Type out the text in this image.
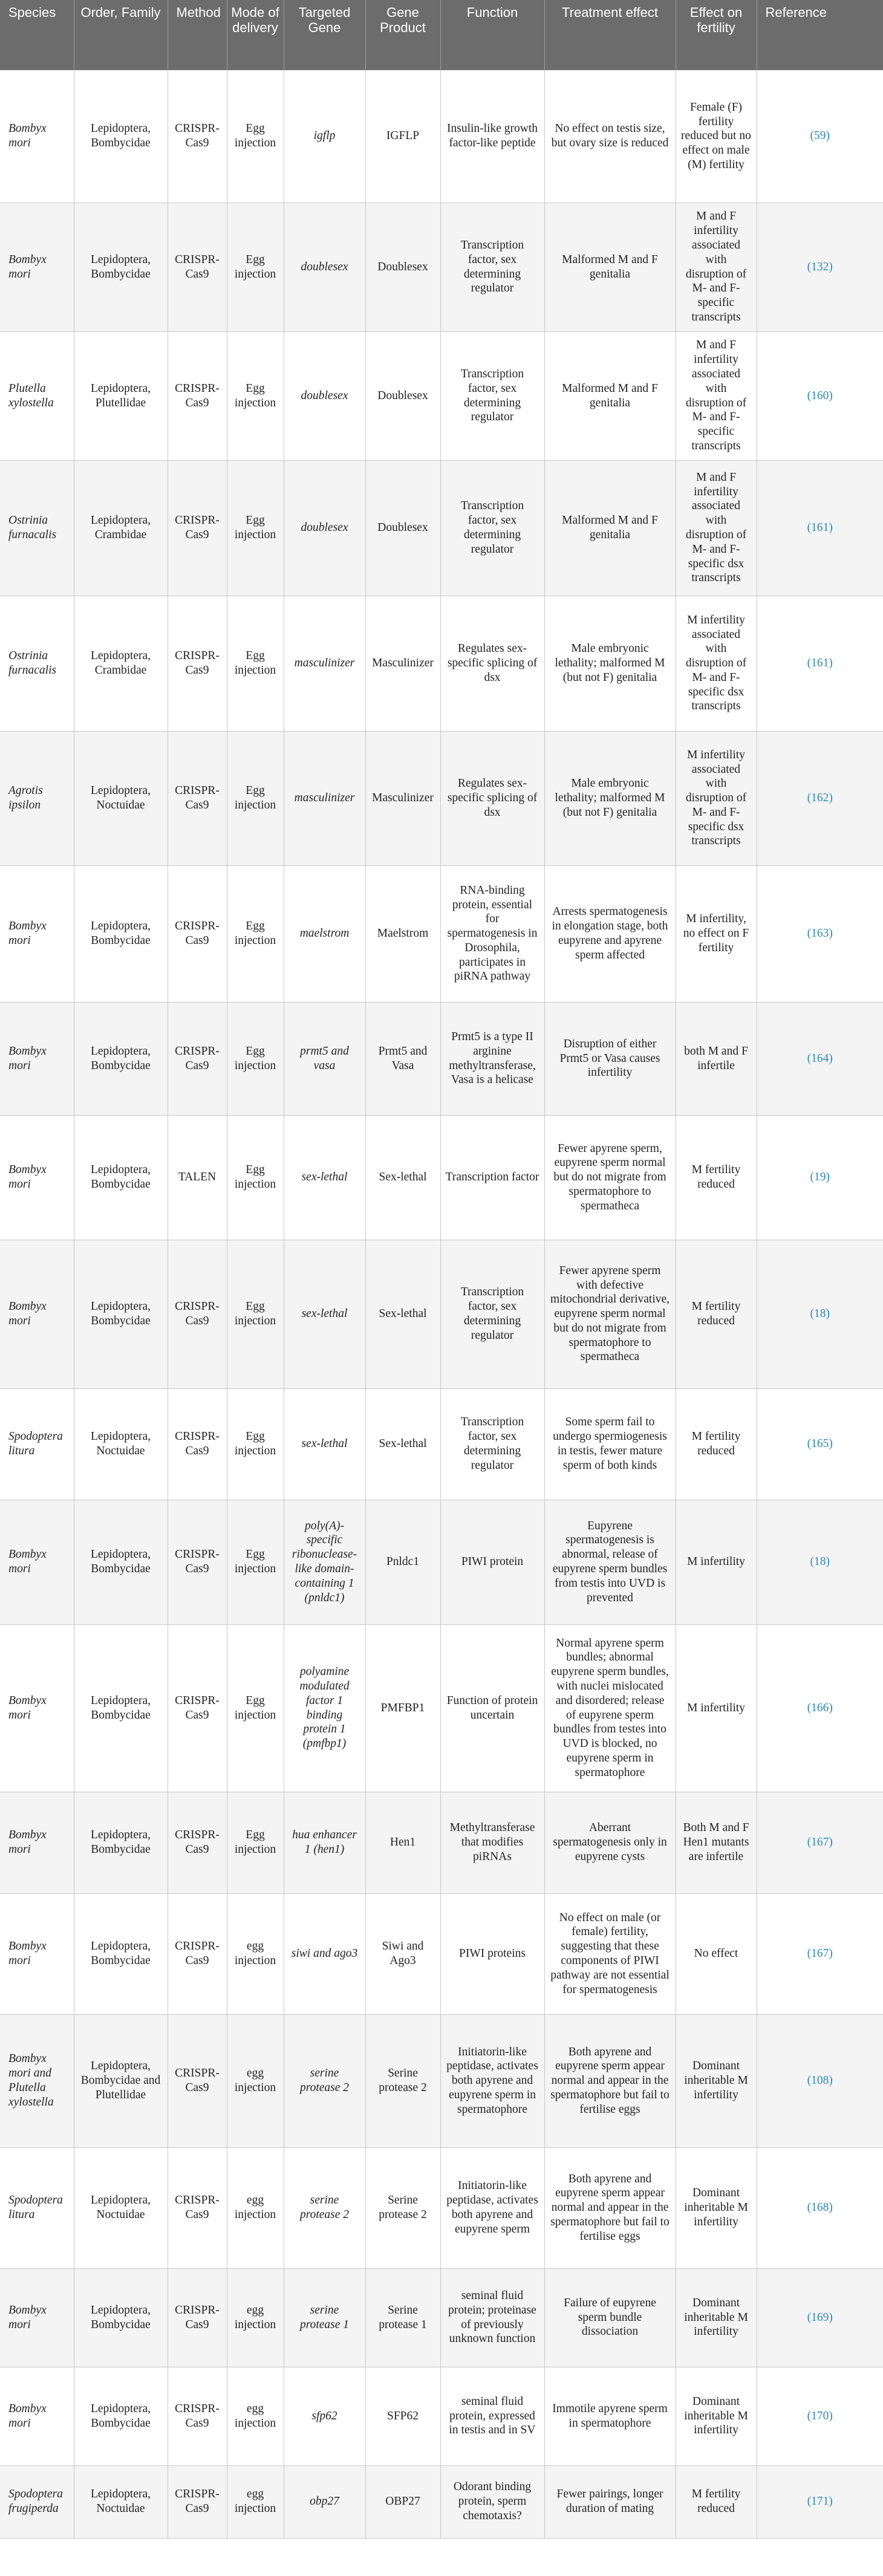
Species	Order, Family	Method	Mode of delivery	Targeted Gene	Gene Product	Function	Treatment effect	Effect on fertility	Reference
Bombyx mori	Lepidoptera, Bombycidae	CRISPR-Cas9	Egg injection	igflp	IGFLP	Insulin-like growth factor-like peptide	No effect on testis size, but ovary size is reduced	Female (F) fertility reduced but no effect on male (M) fertility	(59)
Bombyx mori	Lepidoptera, Bombycidae	CRISPR-Cas9	Egg injection	doublesex	Doublesex	Transcription factor, sex determining regulator	Malformed M and F genitalia	M and F infertility associated with disruption of M- and F-specific transcripts	(132)
Plutella xylostella	Lepidoptera, Plutellidae	CRISPR-Cas9	Egg injection	doublesex	Doublesex	Transcription factor, sex determining regulator	Malformed M and F genitalia	M and F infertility associated with disruption of M- and F-specific transcripts	(160)
Ostrinia furnacalis	Lepidoptera, Crambidae	CRISPR-Cas9	Egg injection	doublesex	Doublesex	Transcription factor, sex determining regulator	Malformed M and F genitalia	M and F infertility associated with disruption of M- and F-specific dsx transcripts	(161)
Ostrinia furnacalis	Lepidoptera, Crambidae	CRISPR-Cas9	Egg injection	masculinizer	Masculinizer	Regulates sex-specific splicing of dsx	Male embryonic lethality; malformed M (but not F) genitalia	M infertility associated with disruption of M- and F-specific dsx transcripts	(161)
Agrotis ipsilon	Lepidoptera, Noctuidae	CRISPR-Cas9	Egg injection	masculinizer	Masculinizer	Regulates sex-specific splicing of dsx	Male embryonic lethality; malformed M (but not F) genitalia	M infertility associated with disruption of M- and F-specific dsx transcripts	(162)
Bombyx mori	Lepidoptera, Bombycidae	CRISPR-Cas9	Egg injection	maelstrom	Maelstrom	RNA-binding protein, essential for spermatogenesis in Drosophila, participates in piRNA pathway	Arrests spermatogenesis in elongation stage, both eupyrene and apyrene sperm affected	M infertility, no effect on F fertility	(163)
Bombyx mori	Lepidoptera, Bombycidae	CRISPR-Cas9	Egg injection	prmt5 and vasa	Prmt5 and Vasa	Prmt5 is a type II arginine methyltransferase, Vasa is a helicase	Disruption of either Prmt5 or Vasa causes infertility	both M and F infertile	(164)
Bombyx mori	Lepidoptera, Bombycidae	TALEN	Egg injection	sex-lethal	Sex-lethal	Transcription factor	Fewer apyrene sperm, eupyrene sperm normal but do not migrate from spermatophore to spermatheca	M fertility reduced	(19)
Bombyx mori	Lepidoptera, Bombycidae	CRISPR-Cas9	Egg injection	sex-lethal	Sex-lethal	Transcription factor, sex determining regulator	Fewer apyrene sperm with defective mitochondrial derivative, eupyrene sperm normal but do not migrate from spermatophore to spermatheca	M fertility reduced	(18)
Spodoptera litura	Lepidoptera, Noctuidae	CRISPR-Cas9	Egg injection	sex-lethal	Sex-lethal	Transcription factor, sex determining regulator	Some sperm fail to undergo spermiogenesis in testis, fewer mature sperm of both kinds	M fertility reduced	(165)
Bombyx mori	Lepidoptera, Bombycidae	CRISPR-Cas9	Egg injection	poly(A)-specific ribonuclease-like domain-containing 1 (pnldc1)	Pnldc1	PIWI protein	Eupyrene spermatogenesis is abnormal, release of eupyrene sperm bundles from testis into UVD is prevented	M infertility	(18)
Bombyx mori	Lepidoptera, Bombycidae	CRISPR-Cas9	Egg injection	polyamine modulated factor 1 binding protein 1 (pmfbp1)	PMFBP1	Function of protein uncertain	Normal apyrene sperm bundles; abnormal eupyrene sperm bundles, with nuclei mislocated and disordered; release of eupyrene sperm bundles from testes into UVD is blocked, no eupyrene sperm in spermatophore	M infertility	(166)
Bombyx mori	Lepidoptera, Bombycidae	CRISPR-Cas9	Egg injection	hua enhancer 1 (hen1)	Hen1	Methyltransferase that modifies piRNAs	Aberrant spermatogenesis only in eupyrene cysts	Both M and F Hen1 mutants are infertile	(167)
Bombyx mori	Lepidoptera, Bombycidae	CRISPR-Cas9	egg injection	siwi and ago3	Siwi and Ago3	PIWI proteins	No effect on male (or female) fertility, suggesting that these components of PIWI pathway are not essential for spermatogenesis	No effect	(167)
Bombyx mori and Plutella xylostella	Lepidoptera, Bombycidae and Plutellidae	CRISPR-Cas9	egg injection	serine protease 2	Serine protease 2	Initiatorin-like peptidase, activates both apyrene and eupyrene sperm in spermatophore	Both apyrene and eupyrene sperm appear normal and appear in the spermatophore but fail to fertilise eggs	Dominant inheritable M infertility	(108)
Spodoptera litura	Lepidoptera, Noctuidae	CRISPR-Cas9	egg injection	serine protease 2	Serine protease 2	Initiatorin-like peptidase, activates both apyrene and eupyrene sperm	Both apyrene and eupyrene sperm appear normal and appear in the spermatophore but fail to fertilise eggs	Dominant inheritable M infertility	(168)
Bombyx mori	Lepidoptera, Bombycidae	CRISPR-Cas9	egg injection	serine protease 1	Serine protease 1	seminal fluid protein; proteinase of previously unknown function	Failure of eupyrene sperm bundle dissociation	Dominant inheritable M infertility	(169)
Bombyx mori	Lepidoptera, Bombycidae	CRISPR-Cas9	egg injection	sfp62	SFP62	seminal fluid protein, expressed in testis and in SV	Immotile apyrene sperm in spermatophore	Dominant inheritable M infertility	(170)
Spodoptera frugiperda	Lepidoptera, Noctuidae	CRISPR-Cas9	egg injection	obp27	OBP27	Odorant binding protein, sperm chemotaxis?	Fewer pairings, longer duration of mating	M fertility reduced	(171)
